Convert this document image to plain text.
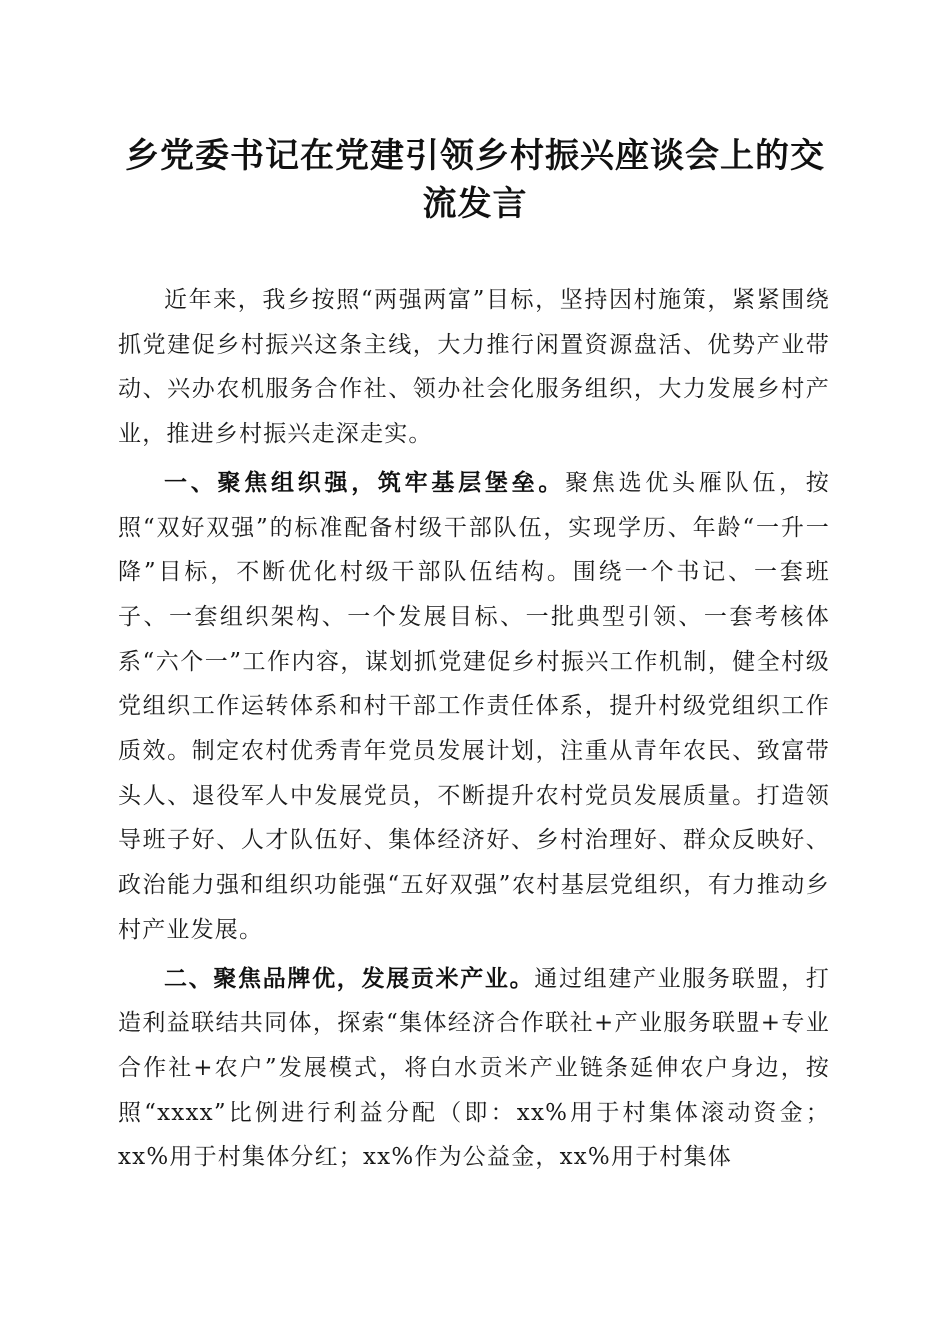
乡党委书记在党建引领乡村振兴座谈会上的交流发言

近年来，我乡按照“两强两富”目标，坚持因村施策，紧紧围绕抓党建促乡村振兴这条主线，大力推行闲置资源盘活、优势产业带动、兴办农机服务合作社、领办社会化服务组织，大力发展乡村产业，推进乡村振兴走深走实。

一、聚焦组织强，筑牢基层堡垒。聚焦选优头雁队伍，按照“双好双强”的标准配备村级干部队伍，实现学历、年龄“一升一降”目标，不断优化村级干部队伍结构。围绕一个书记、一套班子、一套组织架构、一个发展目标、一批典型引领、一套考核体系“六个一”工作内容，谋划抓党建促乡村振兴工作机制，健全村级党组织工作运转体系和村干部工作责任体系，提升村级党组织工作质效。制定农村优秀青年党员发展计划，注重从青年农民、致富带头人、退役军人中发展党员，不断提升农村党员发展质量。打造领导班子好、人才队伍好、集体经济好、乡村治理好、群众反映好、政治能力强和组织功能强“五好双强”农村基层党组织，有力推动乡村产业发展。

二、聚焦品牌优，发展贡米产业。通过组建产业服务联盟，打造利益联结共同体，探索“集体经济合作联社+产业服务联盟+专业合作社+农户”发展模式，将白水贡米产业链条延伸农户身边，按照“xxxx”比例进行利益分配（即：xx%用于村集体滚动资金；xx%用于村集体分红；xx%作为公益金，xx%用于村集体
